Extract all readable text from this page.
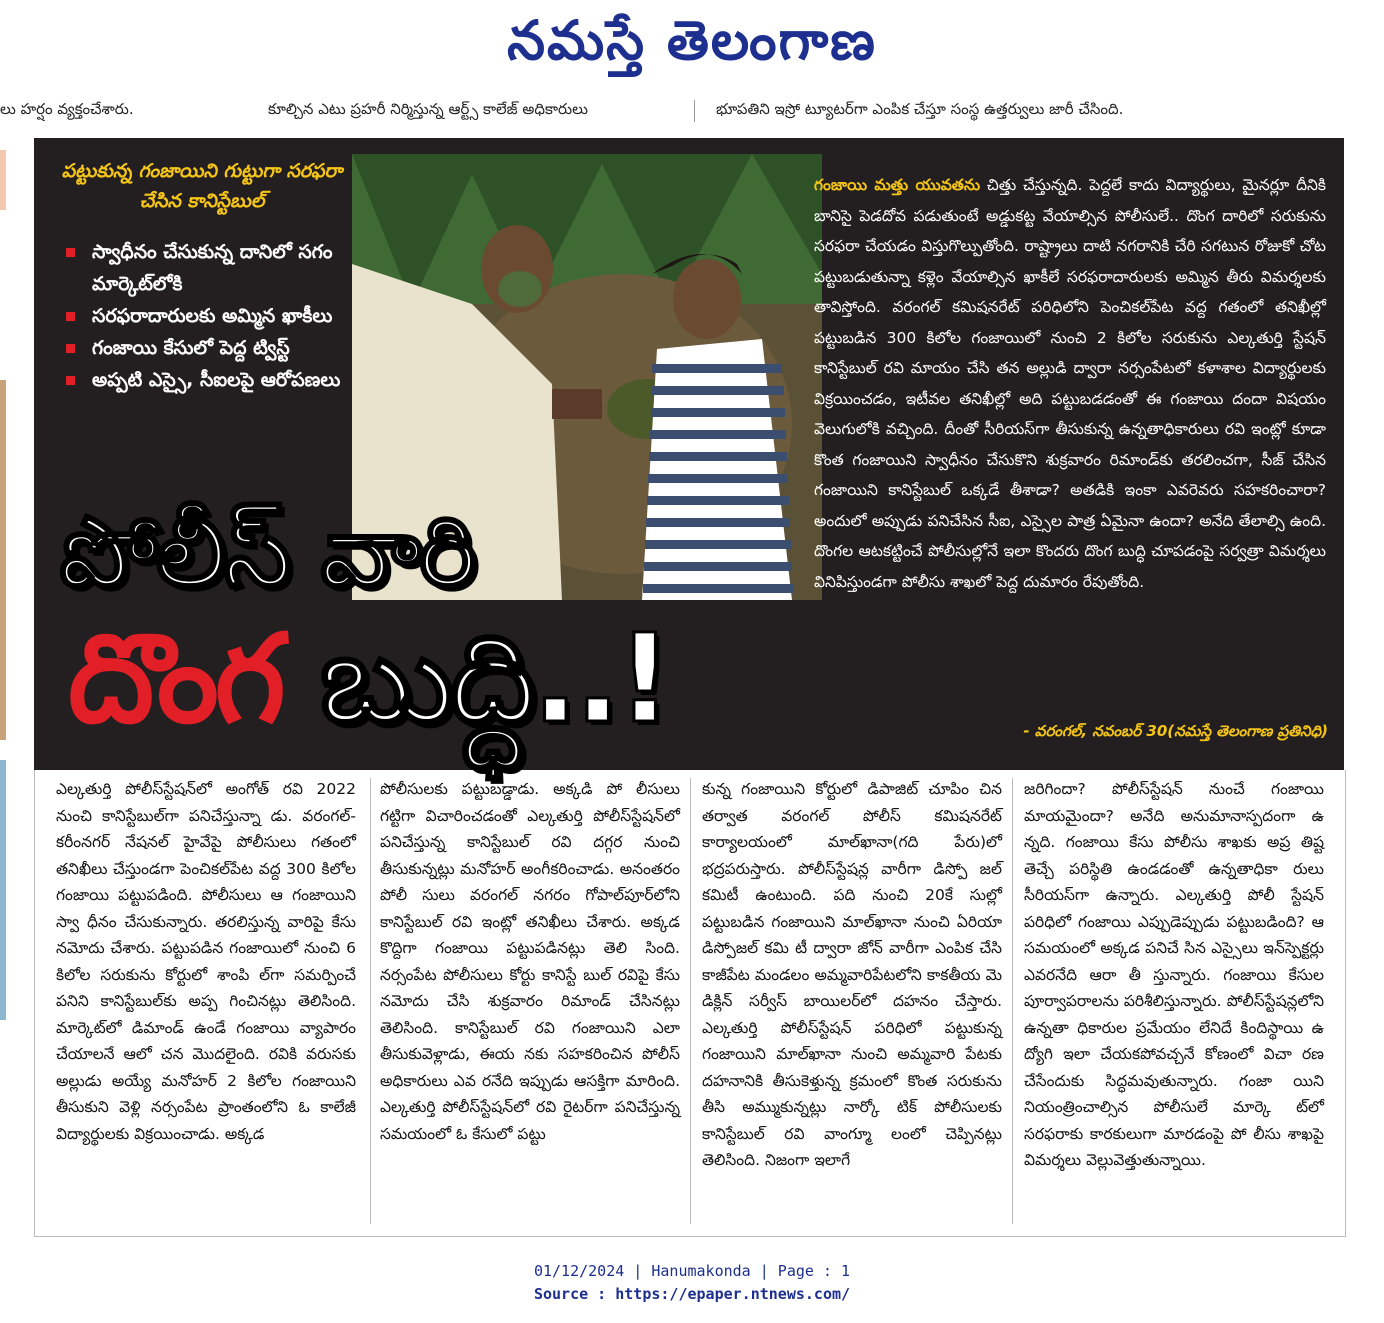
నమస్తే తెలంగాణ
లు హర్షం వ్యక్తంచేశారు.	కూల్చిన ఎటు ప్రహరీ నిర్మిస్తున్న ఆర్ట్స్ కాలేజ్ అధికారులు	భూపతిని ఇస్రో ట్యూటర్‌గా ఎంపిక చేస్తూ సంస్థ ఉత్తర్వులు జారీ చేసింది.
పట్టుకున్న గంజాయిని గుట్టుగా సరఫరా చేసిన కానిస్టేబుల్
స్వాధీనం చేసుకున్న దానిలో సగం మార్కెట్‌లోకి
సరఫరాదారులకు అమ్మిన ఖాకీలు
గంజాయి కేసులో పెద్ద ట్విస్ట్
అప్పటి ఎస్సై, సీఐలపై ఆరోపణలు
గంజాయి మత్తు యువతను చిత్తు చేస్తున్నది. పెద్దలే కాదు విద్యార్థులు, మైనర్లూ దీనికి బానిసై పెడదోవ పడుతుంటే అడ్డుకట్ట వేయాల్సిన పోలీసులే.. దొంగ దారిలో సరుకును సరఫరా చేయడం విస్తుగొల్పుతోంది. రాష్ట్రాలు దాటి నగరానికి చేరి సగటున రోజుకో చోట పట్టుబడుతున్నా కళ్లెం వేయాల్సిన ఖాకీలే సరఫరాదారులకు అమ్మిన తీరు విమర్శలకు తావిస్తోంది. వరంగల్ కమిషనరేట్ పరిధిలోని పెంచికల్‌పేట వద్ద గతంలో తనిఖీల్లో పట్టుబడిన 300 కిలోల గంజాయిలో నుంచి 2 కిలోల సరుకును ఎల్కతుర్తి స్టేషన్ కానిస్టేబుల్ రవి మాయం చేసి తన అల్లుడి ద్వారా నర్సంపేటలో కళాశాల విద్యార్థులకు విక్రయించడం, ఇటీవల తనిఖీల్లో అది పట్టుబడడంతో ఈ గంజాయి దందా విషయం వెలుగులోకి వచ్చింది. దీంతో సీరియస్‌గా తీసుకున్న ఉన్నతాధికారులు రవి ఇంట్లో కూడా కొంత గంజాయిని స్వాధీనం చేసుకొని శుక్రవారం రిమాండ్‌కు తరలించగా, సీజ్ చేసిన గంజాయిని కానిస్టేబుల్ ఒక్కడే తీశాడా? అతడికి ఇంకా ఎవరెవరు సహకరించారా? అందులో అప్పుడు పనిచేసిన సీఐ, ఎస్సైల పాత్ర ఏమైనా ఉందా? అనేది తేలాల్సి ఉంది. దొంగల ఆటకట్టించే పోలీసుల్లోనే ఇలా కొందరు దొంగ బుద్ధి చూపడంపై సర్వత్రా విమర్శలు వినిపిస్తుండగా పోలీసు శాఖలో పెద్ద దుమారం రేపుతోంది.
- వరంగల్, నవంబర్ 30(నమస్తే తెలంగాణ ప్రతినిధి)
పోలీస్ వారి
దొంగ బుద్ధి..!
ఎల్కతుర్తి పోలీస్‌స్టేషన్‌లో అంగోత్ రవి 2022 నుంచి కానిస్టేబుల్‌గా పనిచేస్తున్నా డు. వరంగల్-కరీంనగర్ నేషనల్ హైవేపై పోలీసులు గతంలో తనిఖీలు చేస్తుండగా పెంచికల్‌పేట వద్ద 300 కిలోల గంజాయి పట్టుపడింది. పోలీసులు ఆ గంజాయిని స్వా ధీనం చేసుకున్నారు. తరలిస్తున్న వారిపై కేసు నమోదు చేశారు. పట్టుపడిన గంజాయిలో నుంచి 6 కిలోల సరుకును కోర్టులో శాంపి ల్‌గా సమర్పించే పనిని కానిస్టేబుల్‌కు అప్ప గించినట్లు తెలిసింది. మార్కెట్‌లో డిమాండ్ ఉండే గంజాయి వ్యాపారం చేయాలనే ఆలో చన మొదలైంది. రవికి వరుసకు అల్లుడు అయ్యే మనోహర్ 2 కిలోల గంజాయిని తీసుకుని వెళ్లి నర్సంపేట ప్రాంతంలోని ఓ కాలేజీ విద్యార్థులకు విక్రయించాడు. అక్కడ
పోలీసులకు పట్టుబడ్డాడు. అక్కడి పో లీసులు గట్టిగా విచారించడంతో ఎల్కతుర్తి పోలీస్‌స్టేషన్‌లో పనిచేస్తున్న కానిస్టేబుల్ రవి దగ్గర నుంచి తీసుకున్నట్లు మనోహర్ అంగీకరించాడు. అనంతరం పోలీ సులు వరంగల్ నగరం గోపాల్‌పూర్‌లోని కానిస్టేబుల్ రవి ఇంట్లో తనిఖీలు చేశారు. అక్కడ కొద్దిగా గంజాయి పట్టుపడినట్లు తెలి సింది. నర్సంపేట పోలీసులు కోర్టు కానిస్టే బుల్ రవిపై కేసు నమోదు చేసి శుక్రవారం రిమాండ్ చేసినట్లు తెలిసింది. కానిస్టేబుల్ రవి గంజాయిని ఎలా తీసుకువెళ్లాడు, ఈయ నకు సహకరించిన పోలీస్ అధికారులు ఎవ రనేది ఇప్పుడు ఆసక్తిగా మారింది. ఎల్కతుర్తి పోలీస్‌స్టేషన్‌లో రవి రైటర్‌గా పనిచేస్తున్న సమయంలో ఓ కేసులో పట్టు
కున్న గంజాయిని కోర్టులో డిపాజిట్ చూపిం చిన తర్వాత వరంగల్ పోలీస్ కమిషనరేట్ కార్యాలయంలో మాల్‌ఖానా(గది పేరు)లో భద్రపరుస్తారు. పోలీస్‌స్టేషన్ల వారీగా డిస్పో జల్ కమిటీ ఉంటుంది. పది నుంచి 20కే సుల్లో పట్టుబడిన గంజాయిని మాల్‌ఖానా నుంచి ఏరియా డిస్పోజల్ కమి టీ ద్వారా జోన్ వారీగా ఎంపిక చేసి కాజీపేట మండలం అమ్మవారిపేటలోని కాకతీయ మె డిక్లిన్ సర్వీస్ బాయిలర్‌లో దహనం చేస్తారు. ఎల్కతుర్తి పోలీస్‌స్టేషన్ పరిధిలో పట్టుకున్న గంజాయిని మాల్‌ఖానా నుంచి అమ్మవారి పేటకు దహనానికి తీసుకెళ్తున్న క్రమంలో కొంత సరుకును తీసి అమ్ముకున్నట్లు నార్కో టిక్ పోలీసులకు కానిస్టేబుల్ రవి వాంగ్మూ లంలో చెప్పినట్లు తెలిసింది. నిజంగా ఇలాగే
జరిగిందా? పోలీస్‌స్టేషన్ నుంచే గంజాయి మాయమైందా? అనేది అనుమానాస్పదంగా ఉ న్నది. గంజాయి కేసు పోలీసు శాఖకు అప్ర తిష్ట తెచ్చే పరిస్థితి ఉండడంతో ఉన్నతాధికా రులు సీరియస్‌గా ఉన్నారు. ఎల్కతుర్తి పోలీ స్టేషన్ పరిధిలో గంజాయి ఎప్పుడెప్పుడు పట్టుబడింది? ఆ సమయంలో అక్కడ పనిచే సిన ఎస్సైలు ఇన్‌స్పెక్టర్లు ఎవరనేది ఆరా తీ స్తున్నారు. గంజాయి కేసుల పూర్వాపరాలను పరిశీలిస్తున్నారు. పోలీస్‌స్టేషన్లలోని ఉన్నతా ధికారుల ప్రమేయం లేనిదే కిందిస్థాయి ఉ ద్యోగి ఇలా చేయకపోవచ్చనే కోణంలో విచా రణ చేసేందుకు సిద్ధమవుతున్నారు. గంజా యిని నియంత్రించాల్సిన పోలీసులే మార్కె ట్‌లో సరఫరాకు కారకులుగా మారడంపై పో లీసు శాఖపై విమర్శలు వెల్లువెత్తుతున్నాయి.
01/12/2024 | Hanumakonda | Page : 1
Source : https://epaper.ntnews.com/
